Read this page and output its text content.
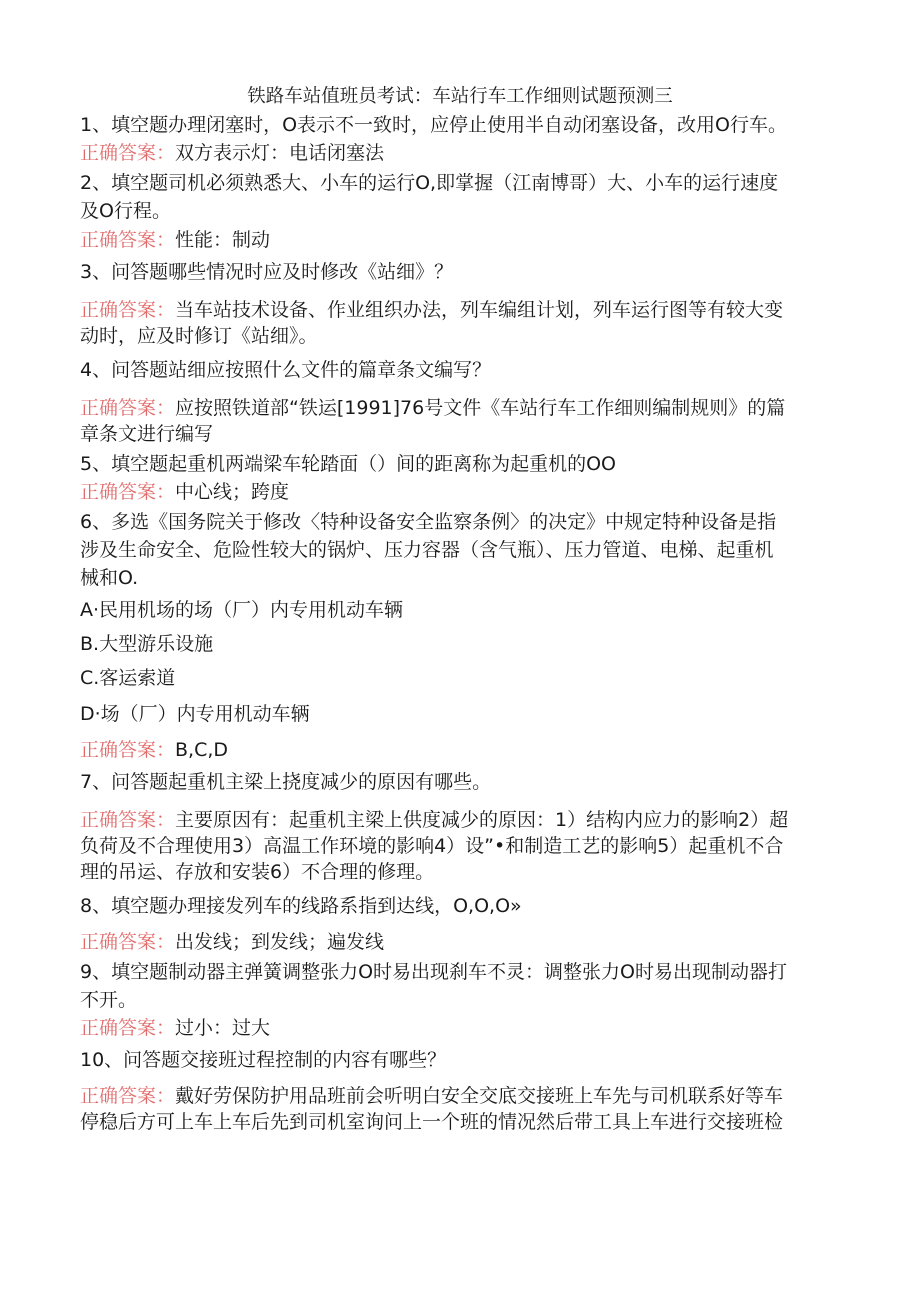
铁路车站值班员考试：车站行车工作细则试题预测三
1、填空题办理闭塞时，O表示不一致时，应停止使用半自动闭塞设备，改用O行车。
正确答案：双方表示灯：电话闭塞法
2、填空题司机必须熟悉大、小车的运行O,即掌握（江南博哥）大、小车的运行速度
及O行程。
正确答案：性能：制动
3、问答题哪些情况时应及时修改《站细》？
正确答案：当车站技术设备、作业组织办法，列车编组计划，列车运行图等有较大变
动时，应及时修订《站细》。
4、问答题站细应按照什么文件的篇章条文编写？
正确答案：应按照铁道部“铁运[1991]76号文件《车站行车工作细则编制规则》的篇
章条文进行编写
5、填空题起重机两端梁车轮踏面（）间的距离称为起重机的OO
正确答案：中心线；跨度
6、多选《国务院关于修改〈特种设备安全监察条例〉的决定》中规定特种设备是指
涉及生命安全、危险性较大的锅炉、压力容器（含气瓶）、压力管道、电梯、起重机
械和O.
A·民用机场的场（厂）内专用机动车辆
B.大型游乐设施
C.客运索道
D·场（厂）内专用机动车辆
正确答案：B,C,D
7、问答题起重机主梁上挠度减少的原因有哪些。
正确答案：主要原因有：起重机主梁上供度减少的原因：1）结构内应力的影响2）超
负荷及不合理使用3）高温工作环境的影响4）设”•和制造工艺的影响5）起重机不合
理的吊运、存放和安装6）不合理的修理。
8、填空题办理接发列车的线路系指到达线，O,O,O»
正确答案：出发线；到发线；遍发线
9、填空题制动器主弹簧调整张力O时易出现刹车不灵：调整张力O时易出现制动器打
不开。
正确答案：过小：过大
10、问答题交接班过程控制的内容有哪些？
正确答案：戴好劳保防护用品班前会听明白安全交底交接班上车先与司机联系好等车
停稳后方可上车上车后先到司机室询问上一个班的情况然后带工具上车进行交接班检
